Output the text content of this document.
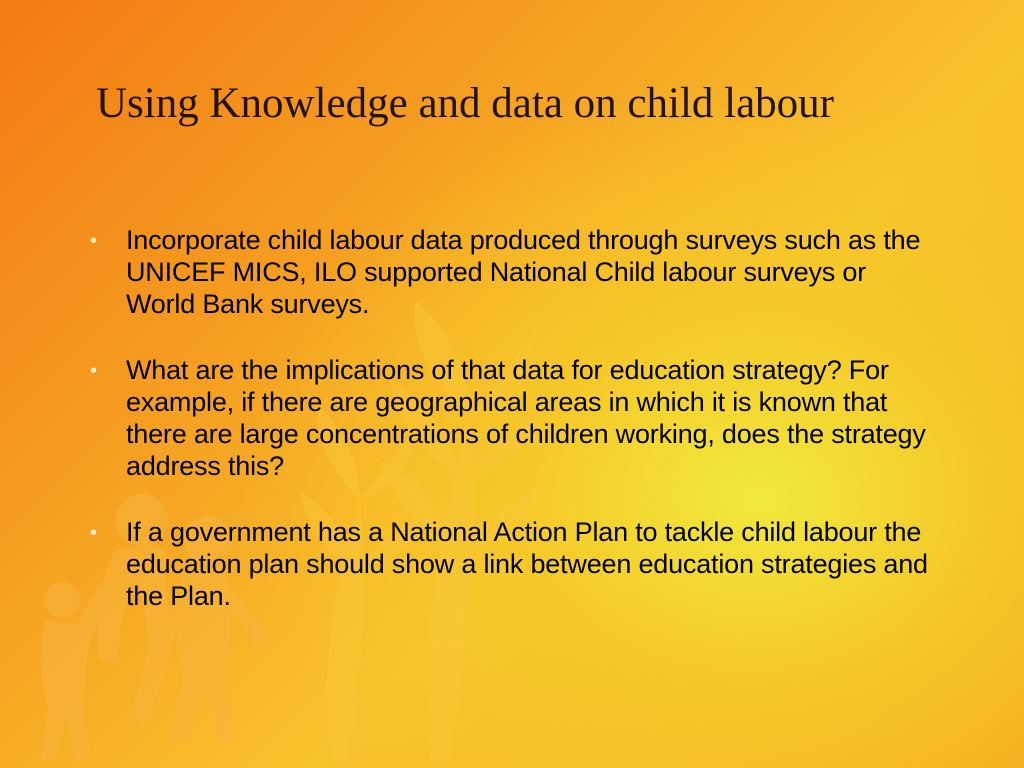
Using Knowledge and data on child labour
• Incorporate child labour data produced through surveys such as the UNICEF MICS, ILO supported National Child labour surveys or World Bank surveys.
• What are the implications of that data for education strategy? For example, if there are geographical areas in which it is known that there are large concentrations of children working, does the strategy address this?
• If a government has a National Action Plan to tackle child labour the education plan should show a link between education strategies and the Plan.
